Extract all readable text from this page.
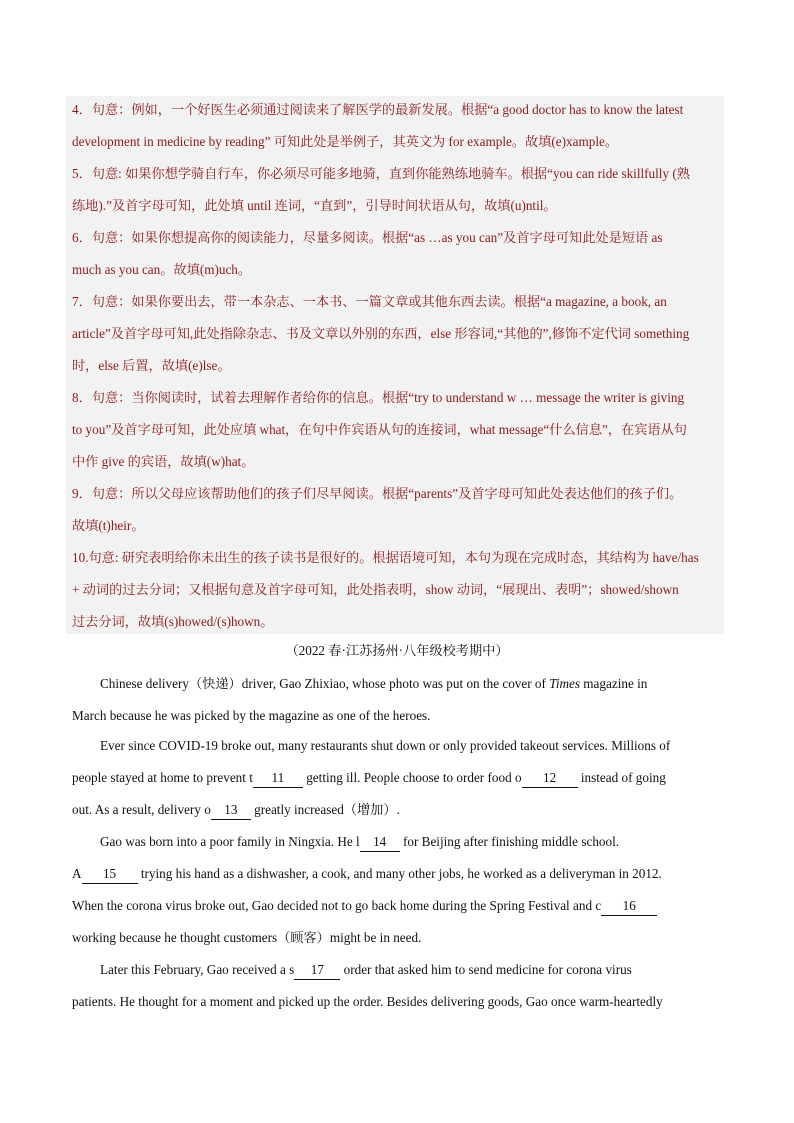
4．句意：例如，一个好医生必须通过阅读来了解医学的最新发展。根据“a good doctor has to know the latest
development in medicine by reading” 可知此处是举例子，其英文为 for example。故填(e)xample。
5．句意: 如果你想学骑自行车，你必须尽可能多地骑，直到你能熟练地骑车。根据“you can ride skillfully (熟
练地).”及首字母可知，此处填 until 连词，“直到”，引导时间状语从句，故填(u)ntil。
6．句意：如果你想提高你的阅读能力，尽量多阅读。根据“as …as you can”及首字母可知此处是短语 as
much as you can。故填(m)uch。
7．句意：如果你要出去，带一本杂志、一本书、一篇文章或其他东西去读。根据“a magazine, a book, an
article”及首字母可知,此处指除杂志、书及文章以外别的东西，else 形容词,“其他的”,修饰不定代词 something
时，else 后置，故填(e)lse。
8．句意：当你阅读时，试着去理解作者给你的信息。根据“try to understand w … message the writer is giving
to you”及首字母可知，此处应填 what，在句中作宾语从句的连接词，what message“什么信息”，在宾语从句
中作 give 的宾语，故填(w)hat。
9．句意：所以父母应该帮助他们的孩子们尽早阅读。根据“parents”及首字母可知此处表达他们的孩子们。
故填(t)heir。
10.句意: 研究表明给你未出生的孩子读书是很好的。根据语境可知，本句为现在完成时态，其结构为 have/has
+ 动词的过去分词；又根据句意及首字母可知，此处指表明，show 动词，“展现出、表明”；showed/shown
过去分词，故填(s)howed/(s)hown。
（2022 春·江苏扬州·八年级校考期中）
Chinese delivery（快递）driver, Gao Zhixiao, whose photo was put on the cover of Times magazine in
March because he was picked by the magazine as one of the heroes.
Ever since COVID-19 broke out, many restaurants shut down or only provided takeout services. Millions of
people stayed at home to prevent t 11 getting ill. People choose to order food o 12 instead of going
out. As a result, delivery o 13 greatly increased（增加）.
Gao was born into a poor family in Ningxia. He l 14 for Beijing after finishing middle school.
A 15 trying his hand as a dishwasher, a cook, and many other jobs, he worked as a deliveryman in 2012.
When the corona virus broke out, Gao decided not to go back home during the Spring Festival and c 16
working because he thought customers（顾客）might be in need.
Later this February, Gao received a s 17 order that asked him to send medicine for corona virus
patients. He thought for a moment and picked up the order. Besides delivering goods, Gao once warm-heartedly
